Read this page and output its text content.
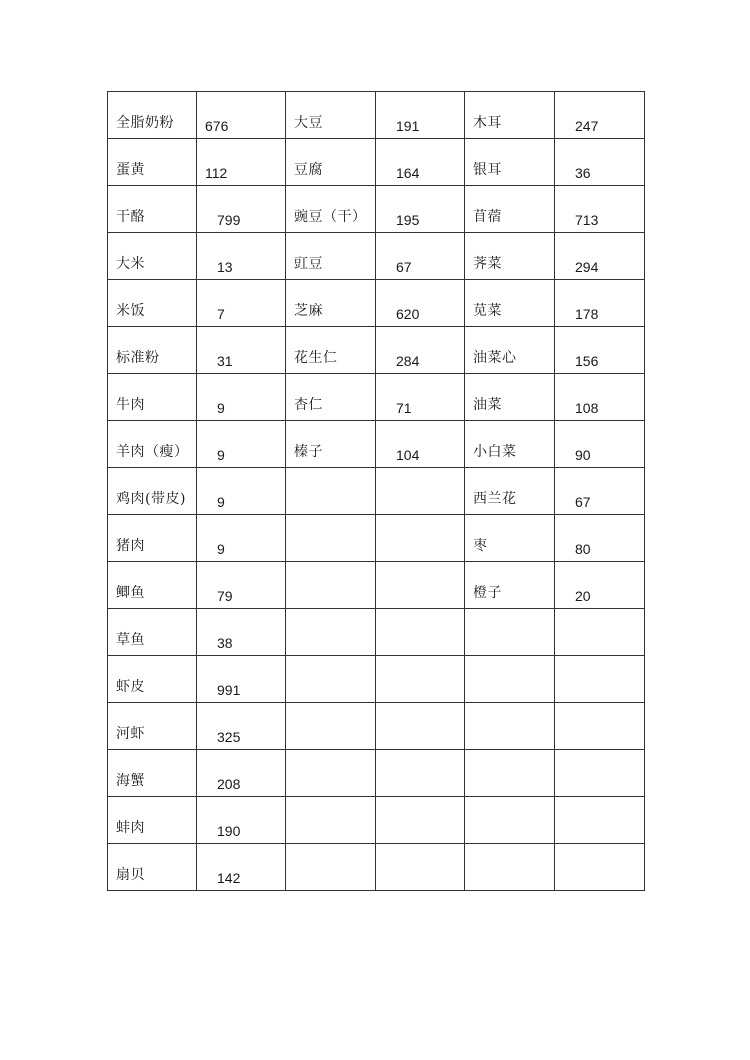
全脂奶粉	676	大豆	191	木耳	247

蛋黄	112	豆腐	164	银耳	36

干酪	799	豌豆（干）	195	苜蓿	713

大米	13	豇豆	67	荠菜	294

米饭	7	芝麻	620	苋菜	178

标准粉	31	花生仁	284	油菜心	156

牛肉	9	杏仁	71	油菜	108

羊肉（瘦）	9	榛子	104	小白菜	90

鸡肉(带皮)	9			西兰花	67

猪肉	9			枣	80

鲫鱼	79			橙子	20

草鱼	38				

虾皮	991				

河虾	325				

海蟹	208				

蚌肉	190				

扇贝	142				
